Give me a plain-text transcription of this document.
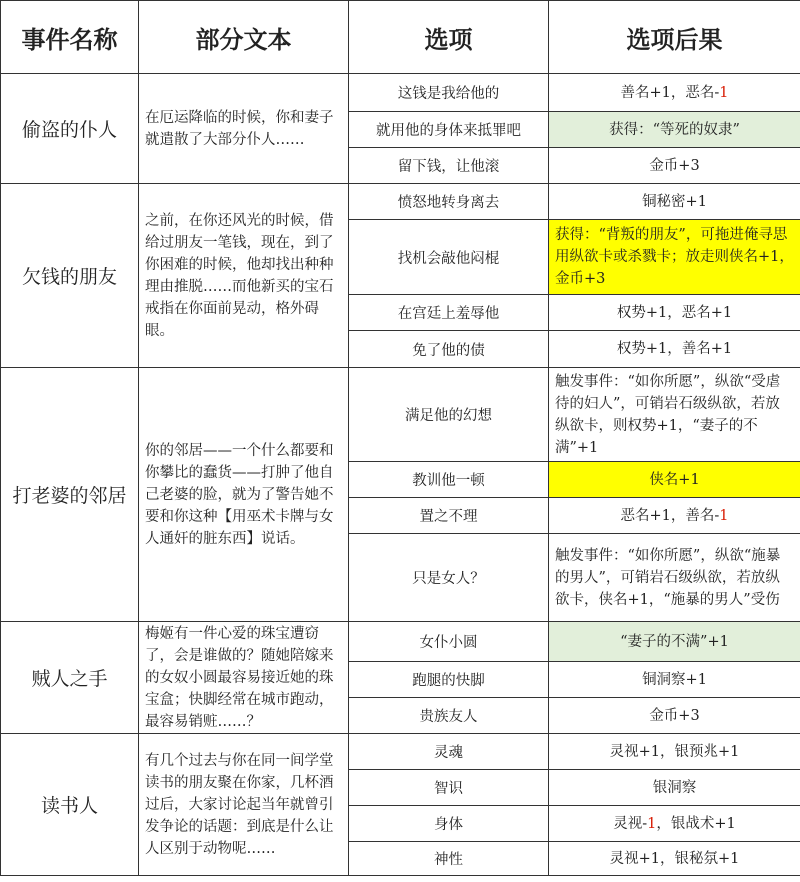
事件名称	部分文本	选项	选项后果
偷盗的仆人	在厄运降临的时候，你和妻子就遣散了大部分仆人……	这钱是我给他的	善名+1，恶名-1
		就用他的身体来抵罪吧	获得：“等死的奴隶”
		留下钱，让他滚	金币+3
欠钱的朋友	之前，在你还风光的时候，借给过朋友一笔钱，现在，到了你困难的时候，他却找出种种理由推脱……而他新买的宝石戒指在你面前晃动，格外碍眼。	愤怒地转身离去	铜秘密+1
		找机会敲他闷棍	获得：“背叛的朋友”，可拖进俺寻思用纵欲卡或杀戮卡；放走则侠名+1，金币+3
		在宫廷上羞辱他	权势+1，恶名+1
		免了他的债	权势+1，善名+1
打老婆的邻居	你的邻居——一个什么都要和你攀比的蠢货——打肿了他自己老婆的脸，就为了警告她不要和你这种【用巫术卡牌与女人通奸的脏东西】说话。	满足他的幻想	触发事件：“如你所愿”，纵欲“受虐待的妇人”，可销岩石级纵欲，若放纵欲卡，则权势+1，“妻子的不满”+1
		教训他一顿	侠名+1
		置之不理	恶名+1，善名-1
		只是女人？	触发事件：“如你所愿”，纵欲“施暴的男人”，可销岩石级纵欲，若放纵欲卡，侠名+1，“施暴的男人”受伤
贼人之手	梅姬有一件心爱的珠宝遭窃了，会是谁做的？随她陪嫁来的女奴小圆最容易接近她的珠宝盒；快脚经常在城市跑动，最容易销赃……？	女仆小圆	“妻子的不满”+1
		跑腿的快脚	铜洞察+1
		贵族友人	金币+3
读书人	有几个过去与你在同一间学堂读书的朋友聚在你家，几杯酒过后，大家讨论起当年就曾引发争论的话题：到底是什么让人区别于动物呢……	灵魂	灵视+1，银预兆+1
		智识	银洞察
		身体	灵视-1，银战术+1
		神性	灵视+1，银秘氛+1
